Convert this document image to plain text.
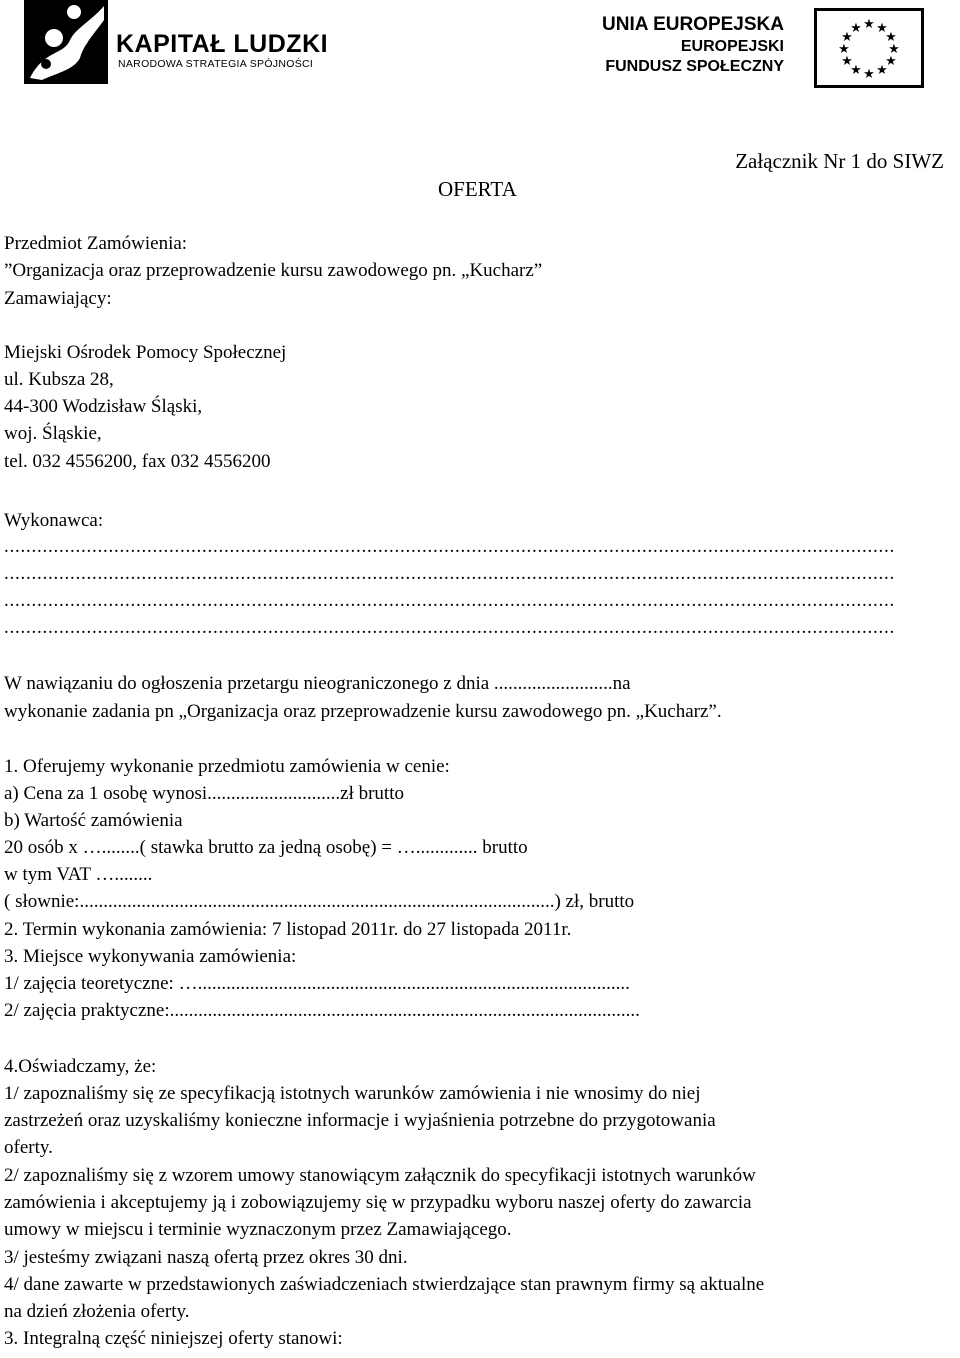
KAPITAŁ LUDZKI
NARODOWA STRATEGIA SPÓJNOŚCI
UNIA EUROPEJSKA
EUROPEJSKI
FUNDUSZ SPOŁECZNY
★ ★
★
★
★
★
★
★
★
★
★
★
Załącznik Nr 1 do SIWZ
OFERTA
Przedmiot Zamówienia:
”Organizacja oraz przeprowadzenie kursu zawodowego pn. „Kucharz”
Zamawiający:
Miejski Ośrodek Pomocy Społecznej
ul. Kubsza 28,
44-300 Wodzisław Śląski,
woj. Śląskie,
tel. 032 4556200, fax 032 4556200
Wykonawca:
..................................................................................................................................................................
..................................................................................................................................................................
..................................................................................................................................................................
..................................................................................................................................................................
W nawiązaniu do ogłoszenia przetargu nieograniczonego z dnia .........................na
wykonanie zadania pn „Organizacja oraz przeprowadzenie kursu zawodowego pn. „Kucharz”.
1. Oferujemy wykonanie przedmiotu zamówienia w cenie:
a) Cena za 1 osobę wynosi............................zł brutto
b) Wartość zamówienia
20 osób x …........( stawka brutto za jedną osobę) = …............. brutto
w tym VAT …........
( słownie:....................................................................................................) zł, brutto
2. Termin wykonania zamówienia: 7 listopad 2011r. do 27 listopada 2011r.
3. Miejsce wykonywania zamówienia:
1/ zajęcia teoretyczne: …...........................................................................................
2/ zajęcia praktyczne:...................................................................................................
4.Oświadczamy, że:
1/ zapoznaliśmy się ze specyfikacją istotnych warunków zamówienia i nie wnosimy do niej
zastrzeżeń oraz uzyskaliśmy konieczne informacje i wyjaśnienia potrzebne do przygotowania
oferty.
2/ zapoznaliśmy się z wzorem umowy stanowiącym załącznik do specyfikacji istotnych warunków
zamówienia i akceptujemy ją i zobowiązujemy się w przypadku wyboru naszej oferty do zawarcia
umowy w miejscu i terminie wyznaczonym przez Zamawiającego.
3/ jesteśmy związani naszą ofertą przez okres 30 dni.
4/ dane zawarte w przedstawionych zaświadczeniach stwierdzające stan prawnym firmy są aktualne
na dzień złożenia oferty.
3. Integralną część niniejszej oferty stanowi:
